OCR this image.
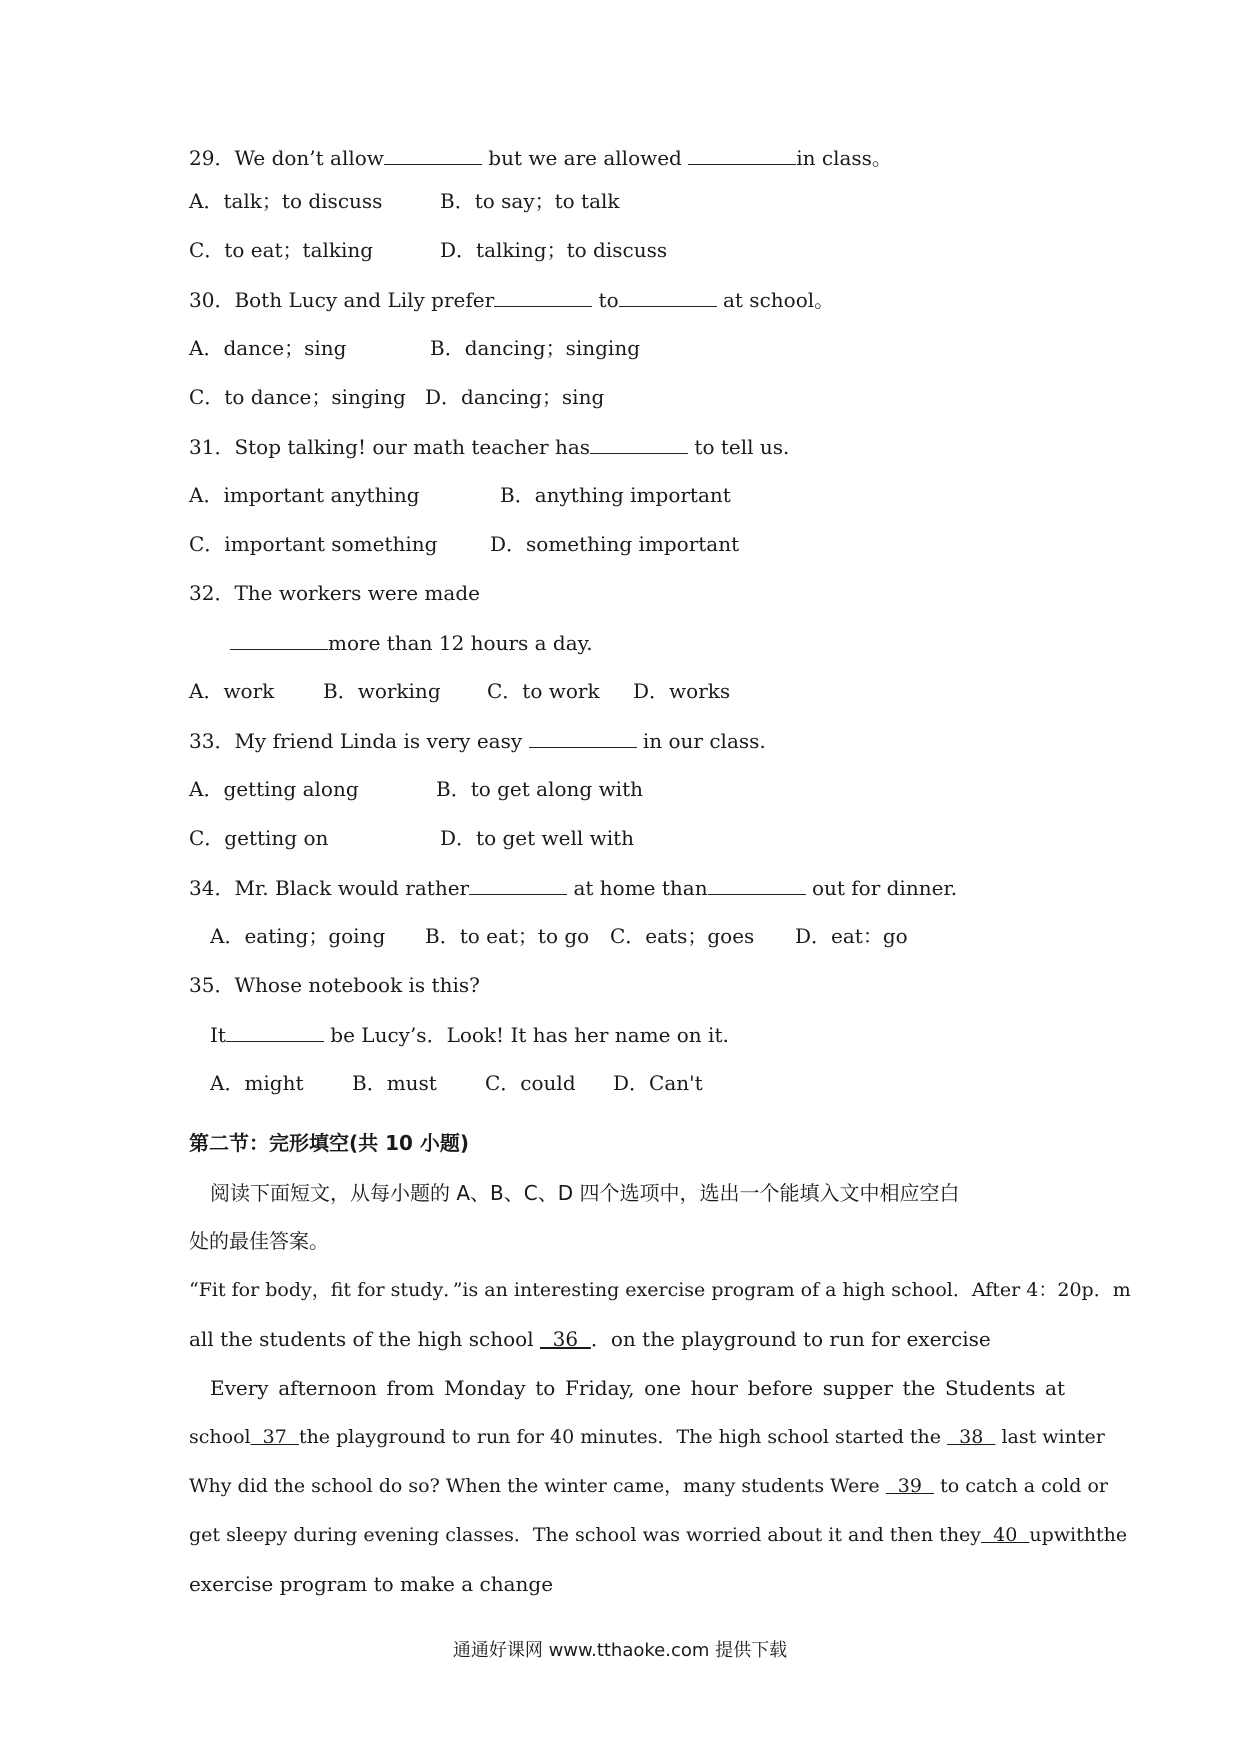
29．We don’t allow	but we are allowed	in class。
A．talk；to discuss	B．to say；to talk
C．to eat；talking	D．talking；to discuss
30．Both Lucy and Lily prefer	to	at school。
A．dance；sing	B．dancing；singing
C．to dance；singing D．dancing；sing
31．Stop talking! our math teacher has	to tell us.
A．important anything	B．anything important
C．important something	D．something important
32．The workers were made
more than 12 hours a day.
A．work B．working C．to work D．works
33．My friend Linda is very easy	in our class.
A．getting along	B．to get along with
C．getting on	D．to get well with
34．Mr. Black would rather	at home than	out for dinner.
A．eating；going B．to eat；to go C．eats；goes D．eat：go
35．Whose notebook is this?
It	be Lucy’s．Look! It has her name on it.
A．might B．must C．could D．Can't
第二节：完形填空(共 10 小题)
阅读下面短文，从每小题的 A、B、C、D 四个选项中，选出一个能填入文中相应空白
处的最佳答案。
“Fit for body，fit for study．”is an interesting exercise program of a high school．After 4：20p．m
all the students of the high school   36  ．on the playground to run for exercise
Every afternoon from Monday to Friday, one hour before supper the Students at
school  37  the playground to run for 40 minutes．The high school started the   38   last winter
Why did the school do so? When the winter came，many students Were   39   to catch a cold or
get sleepy during evening classes．The school was worried about it and then they  40  upwiththe
exercise program to make a change
通通好课网 www.tthaoke.com 提供下载
